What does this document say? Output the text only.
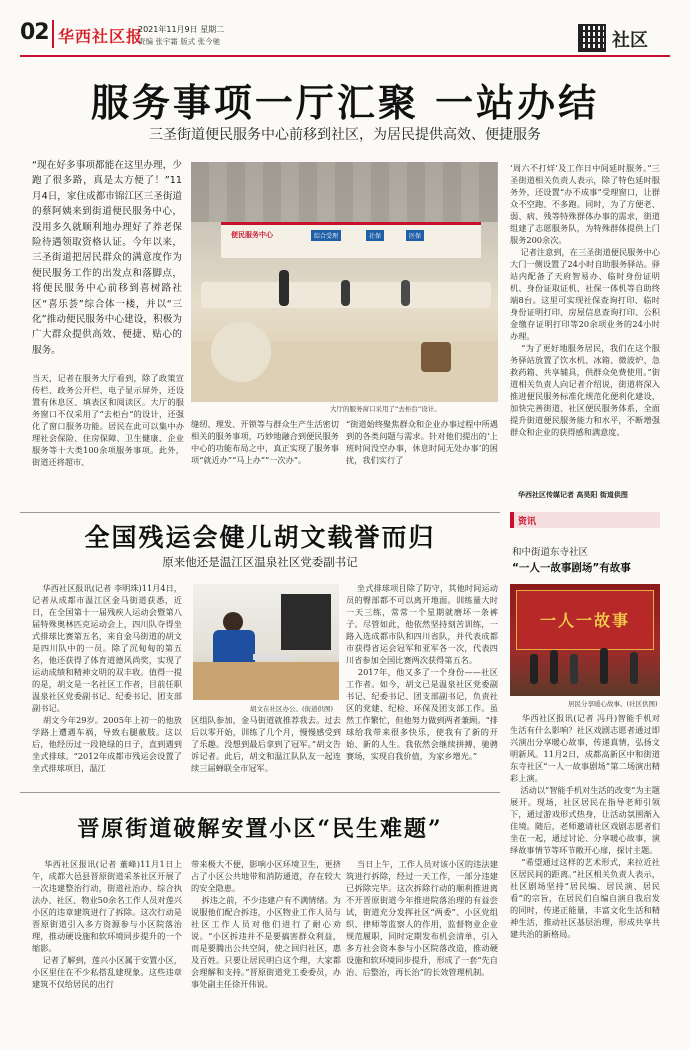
02 华西社区报
2021年11月9日 星期二
责编 张宇霜 版式 张今驰	社区
服务事项一厅汇聚 一站办结
三圣街道便民服务中心前移到社区，为居民提供高效、便捷服务
“现在好多事项都能在这里办理，少跑了很多路，真是太方便了！”11月4日，家住成都市锦江区三圣街道的蔡阿姨来到街道便民服务中心，没用多久就顺利地办理好了养老保险待遇领取资格认证。今年以来，三圣街道把居民群众的满意度作为便民服务工作的出发点和落脚点，将便民服务中心前移到喜树路社区“喜乐荟”综合体一楼，并以“三化”推动便民服务中心建设，积极为广大群众提供高效、便捷、贴心的服务。
便民服务中心	综合受理	社保	医保
大厅的服务窗口采用了“去柜台”设计。
当天，记者在服务大厅看到，除了政策宣传栏、政务公开栏、电子显示屏外，还设置有休息区、填表区和阅读区。大厅的服务窗口不仅采用了“去柜台”的设计，还强化了窗口服务功能。居民在此可以集中办理社会保险、住房保障、卫生健康、企业服务等十大类100余项服务事项。此外，街道还将超市、
缝纫、理发、开锁等与群众生产生活密切相关的服务事项，巧妙地融合到便民服务中心的功能布局之中，真正实现了服务事项“就近办”“马上办”“一次办”。
“街道始终聚焦群众和企业办事过程中所遇到的各类问题与需求。针对他们提出的‘上班时间没空办事，休息时间无处办事’的困扰，我们实行了
‘周六不打烊’及工作日中间延时服务。”三圣街道相关负责人表示，除了特色延时服务外，还设置“办不成事”受理窗口，让群众不空跑、不多跑。同时，为了方便老、弱、病、残等特殊群体办事的需求，街道组建了志愿服务队，为特殊群体提供上门服务200余次。
记者注意到，在三圣街道便民服务中心大门一侧设置了24小时自助服务驿站。驿站内配备了天府智易办、临时身份证明机、身份证取证机、社保一体机等自助终端8台。这里可实现社保查询打印、临时身份证明打印、房屋信息查询打印、公积金缴存证明打印等20余项业务的24小时办理。
“为了更好地服务居民，我们在这个服务驿站放置了饮水机、冰箱、微波炉、急救药箱、共享辅具，供群众免费使用。”街道相关负责人向记者介绍说，街道将深入推进便民服务标准化规范化便利化建设，加快完善街道、社区便民服务体系，全面提升街道便民服务能力和水平，不断增强群众和企业的获得感和满意度。
华西社区传媒记者 高昊阳 街道供图
全国残运会健儿胡文载誉而归
原来他还是温江区温泉社区党委副书记
华西社区报讯(记者 李明珠)11月4日，记者从成都市温江区金马街道获悉，近日，在全国第十一届残疾人运动会暨第八届特殊奥林匹克运动会上，四川队夺得坐式排球比赛第五名，来自金马街道的胡文是四川队中的一员。除了沉甸甸的第五名，他还获得了体育道德风尚奖，实现了运动成绩和精神文明的双丰收。值得一提的是，胡文是一名社区工作者，目前任职温泉社区党委副书记、纪委书记、团支部副书记。
胡文今年29岁。2005年上初一的他放学路上遭遇车祸，导致右腿截肢。这以后，他经历过一段艳绿的日子，直到遇到坐式排球。“2012年成都市残运会设置了坐式排球项目，温江
胡文在社区办公。(街道供图)
区组队参加，金马街道就推荐我去。过去后以零开始，训练了几个月，慢慢感受到了乐趣。没想到最后拿到了冠军。”胡文告诉记者。此后，胡文和温江队队友一起连续三届蝉联全市冠军。
坐式排球项目除了防守，其他时间运动员的臀部都不可以离开地面。训练量大时一天三练，常常一个星期就磨坏一条裤子。尽管如此，他依然坚持刻苦训练，一路入选成都市队和四川省队，并代表成都市获得省运会冠军和亚军各一次，代表四川省参加全国比赛两次获得第五名。
2017年，他又多了一个身份——社区工作者。如今，胡文已是温泉社区党委副书记、纪委书记、团支部副书记，负责社区的党建、纪检、环保及团支部工作。虽然工作繁忙，但他努力做到两者兼顾。“排球给我带来很多快乐，使我有了新的开始、新的人生。我依然会继续拼搏，驰骋赛场，实现自我价值，为家乡增光。”
资讯
和中街道东寺社区
“一人一故事剧场”有故事
一人一故事
居民分享暖心故事。(社区供图)
华西社区报讯(记者 冯丹)智能手机对生活有什么影响？社区戏剧志愿者通过即兴演出分享暖心故事，传递真情，弘扬文明新风。11月2日，成都高新区中和街道东寺社区“一人一故事剧场”第二场演出精彩上演。
活动以“智能手机对生活的改变”为主题展开。现场，社区居民在指导老师引领下，通过游戏形式热身，让活动氛围渐入佳境。随后，老师邀请社区戏剧志愿者们坐在一起，通过讨论、分享暖心故事，演绎故事情节等环节敞开心扉，探讨主题。
“希望通过这样的艺术形式，来拉近社区居民间的距离。”社区相关负责人表示，社区剧场坚持“居民编、居民演、居民看”的宗旨，在居民们自编自演自我启发的同时，传递正能量，丰富文化生活和精神生活，推动社区基层治理，形成共享共建共治的新格局。
晋原街道破解安置小区“民生难题”
华西社区报讯(记者 董峰)11月1日上午，成都大邑县晋原街道采茶社区开展了一次违建整治行动，街道社治办、综合执法办、社区、物业50余名工作人员对莲兴小区的违章建筑进行了拆除。这次行动是晋原街道引入多方资源参与小区院落治理，推动硬设施和软环境同步提升的一个缩影。
记者了解到，莲兴小区属于安置小区，小区里住在不少私搭乱建现象。这些违章建筑不仅给居民的出行
带来极大不便，影响小区环境卫生，更挤占了小区公共地带和消防通道，存在较大的安全隐患。
拆违之前，不少违建户有不满情绪。为说服他们配合拆违，小区物业工作人员与社区工作人员对他们进行了耐心劝说。“小区拆违并不是要搞害群众利益，而是要腾出公共空间，使之回归社区，惠及百姓。只要让居民明白这个理，大家都会理解和支持。”晋原街道党工委委员，办事处副主任徐开伟说。
当日上午，工作人员对该小区的违法建筑进行拆除，经过一天工作，一部分违建已拆除完毕。这次拆除行动的顺利推进离不开晋原街道今年推进院落治理的有益尝试，街道充分发挥社区“两委”、小区党组织、律师等监察人的作用，监督物业企业规范履职，同时定期发布机会清单，引入多方社会资本参与小区院落改造，推动硬设施和软环境同步提升，形成了一套“先自治、后整治，再长治”的长效管理机制。
